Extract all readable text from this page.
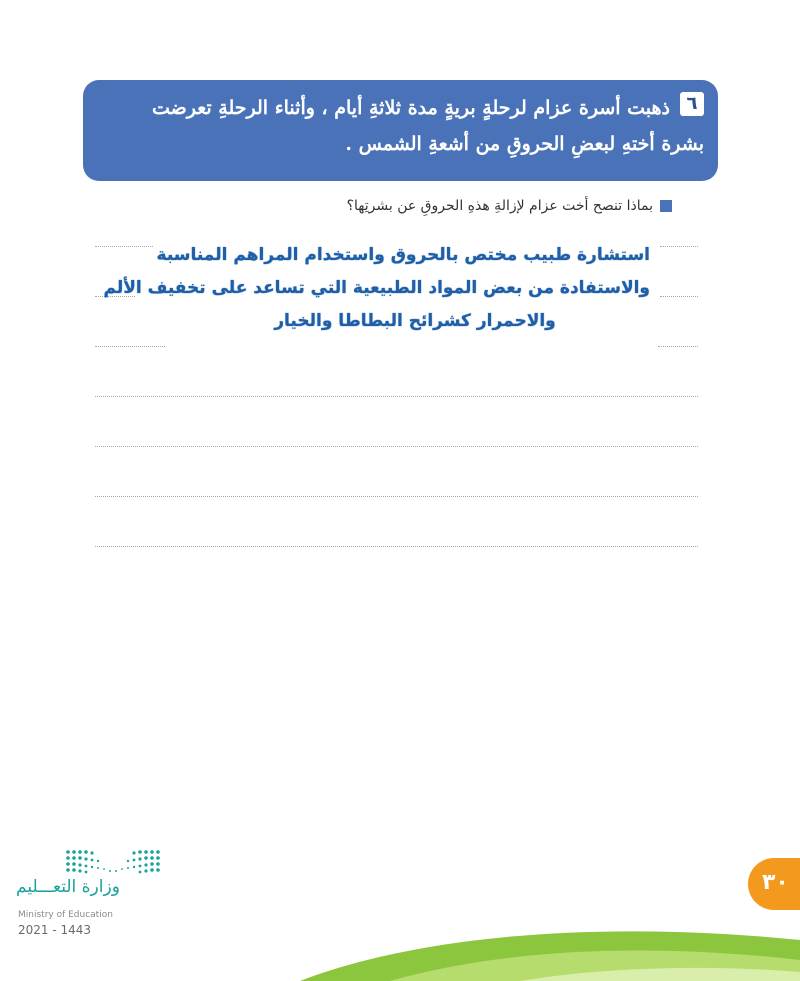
٦
ذهبت أسرة عزام لرحلةٍ بريةٍ مدة ثلاثةِ أيام ، وأثناء الرحلةِ تعرضت
بشرة أختهِ لبعضِ الحروقِ من أشعةِ الشمس .
بماذا تنصح أخت عزام لإزالةِ هذهِ الحروقِ عن بشرتِها؟
استشارة طبيب مختص بالحروق واستخدام المراهم المناسبة
والاستفادة من بعض المواد الطبيعية التي تساعد على تخفيف الألم
والاحمرار كشرائح البطاطا والخيار
وزارة التعـــليم
Ministry of Education
2021 - 1443
٣٠
